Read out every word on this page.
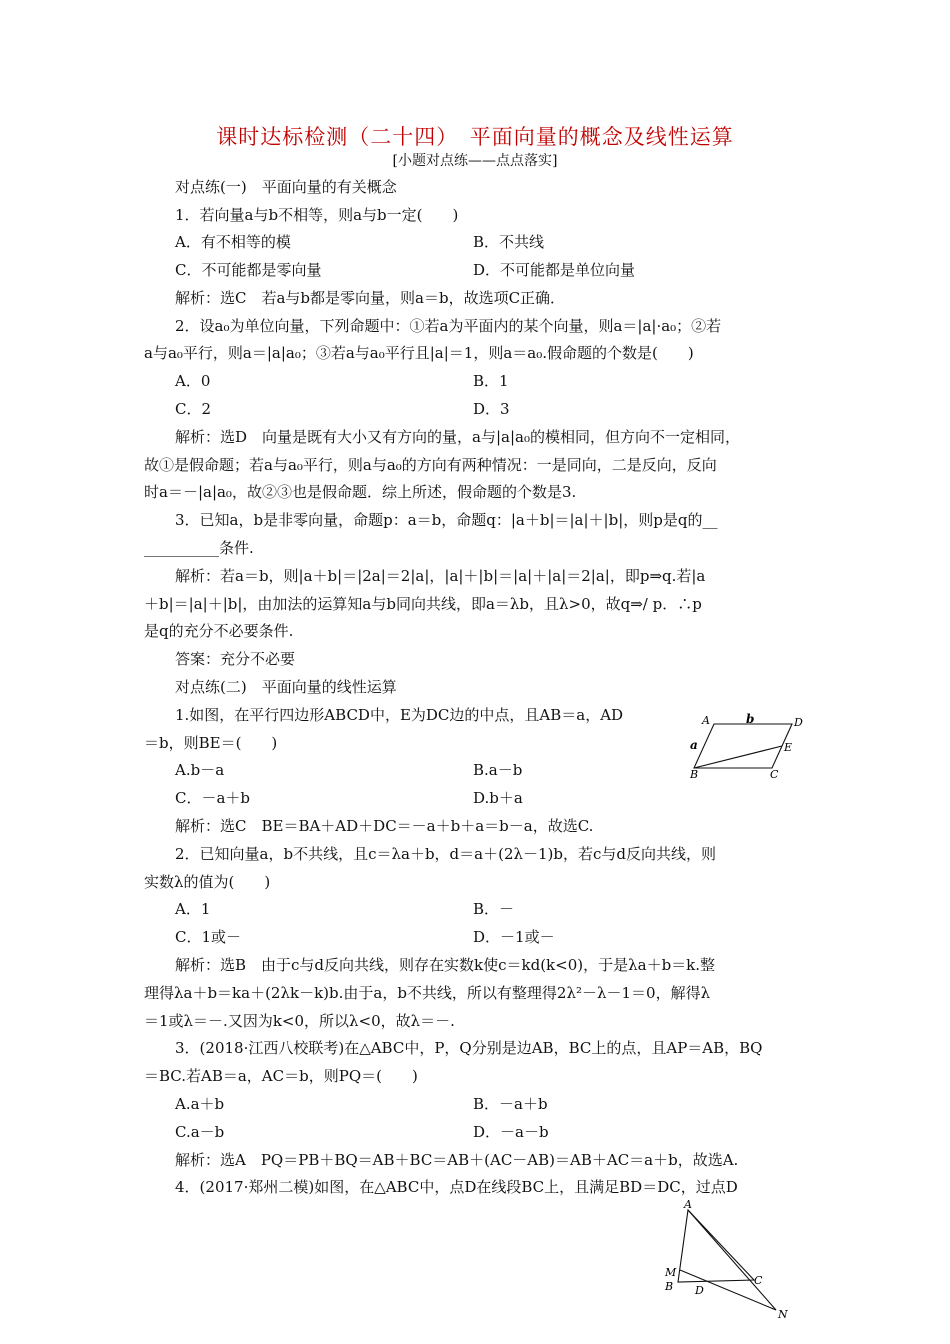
课时达标检测（二十四）　平面向量的概念及线性运算
[小题对点练——点点落实]
对点练(一)　平面向量的有关概念
1．若向量a与b不相等，则a与b一定(　　)
A．有不相等的模	B．不共线
C．不可能都是零向量	D．不可能都是单位向量
解析：选C　若a与b都是零向量，则a＝b，故选项C正确．
2．设a₀为单位向量，下列命题中：①若a为平面内的某个向量，则a＝|a|·a₀；②若
a与a₀平行，则a＝|a|a₀；③若a与a₀平行且|a|＝1，则a＝a₀.假命题的个数是(　　)
A．0	B．1
C．2	D．3
解析：选D　向量是既有大小又有方向的量，a与|a|a₀的模相同，但方向不一定相同，
故①是假命题；若a与a₀平行，则a与a₀的方向有两种情况：一是同向，二是反向，反向
时a＝－|a|a₀，故②③也是假命题．综上所述，假命题的个数是3.
3．已知a，b是非零向量，命题p：a＝b，命题q：|a＋b|＝|a|＋|b|，则p是q的__
__________条件.
解析：若a＝b，则|a＋b|＝|2a|＝2|a|，|a|＋|b|＝|a|＋|a|＝2|a|，即p⇒q.若|a
＋b|＝|a|＋|b|，由加法的运算知a与b同向共线，即a＝λb，且λ>0，故q⇒/ p．∴p
是q的充分不必要条件.
答案：充分不必要
对点练(二)　平面向量的线性运算
1.如图，在平行四边形ABCD中，E为DC边的中点，且AB＝a，AD
＝b，则BE＝(　　)
A.b－a	B.a－b
C．－a＋b	D.b＋a
解析：选C　BE＝BA＋AD＋DC＝－a＋b＋a＝b－a，故选C.
2．已知向量a，b不共线，且c＝λa＋b，d＝a＋(2λ－1)b，若c与d反向共线，则
实数λ的值为(　　)
A．1	B．－
C．1或－	D．－1或－
解析：选B　由于c与d反向共线，则存在实数k使c＝kd(k<0)，于是λa＋b＝k.整
理得λa＋b＝ka＋(2λk－k)b.由于a，b不共线，所以有整理得2λ²－λ－1＝0，解得λ
＝1或λ＝－.又因为k<0，所以λ<0，故λ＝－.
3．(2018·江西八校联考)在△ABC中，P，Q分别是边AB，BC上的点，且AP＝AB，BQ
＝BC.若AB＝a，AC＝b，则PQ＝(　　)
A.a＋b	B．－a＋b
C.a－b	D．－a－b
解析：选A　PQ＝PB＋BQ＝AB＋BC＝AB＋(AC－AB)＝AB＋AC＝a＋b，故选A.
4．(2017·郑州二模)如图，在△ABC中，点D在线段BC上，且满足BD＝DC，过点D
A	b	D
a	E
B	C
A
M
B D
C
N
